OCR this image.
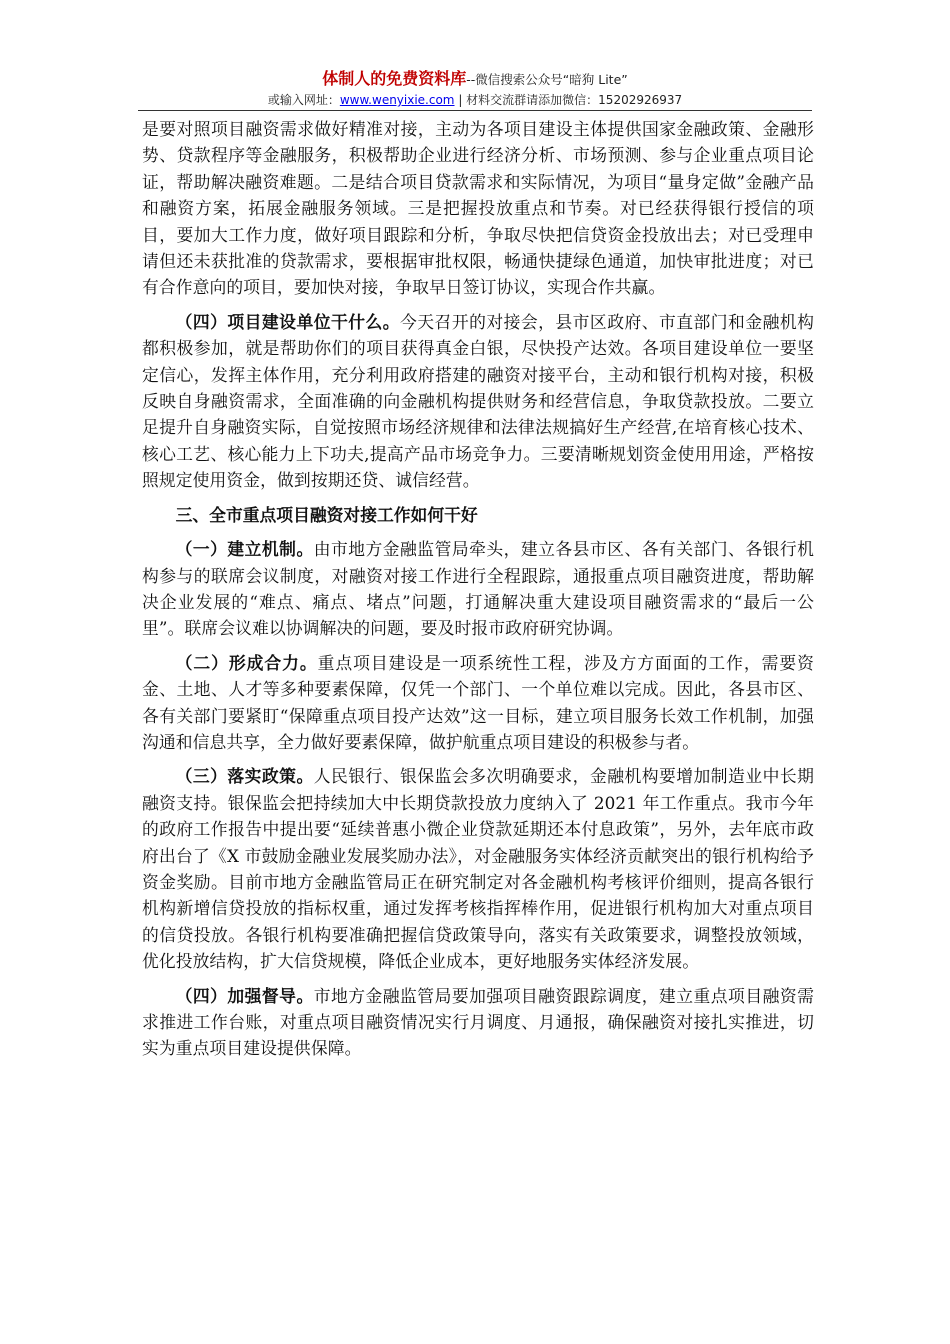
体制人的免费资料库--微信搜索公众号“暗狗 Lite”
或输入网址：www.wenyixie.com | 材料交流群请添加微信：15202926937

是要对照项目融资需求做好精准对接，主动为各项目建设主体提供国家金融政策、金融形势、贷款程序等金融服务，积极帮助企业进行经济分析、市场预测、参与企业重点项目论证，帮助解决融资难题。二是结合项目贷款需求和实际情况，为项目“量身定做”金融产品和融资方案，拓展金融服务领域。三是把握投放重点和节奏。对已经获得银行授信的项目，要加大工作力度，做好项目跟踪和分析，争取尽快把信贷资金投放出去；对已受理申请但还未获批准的贷款需求，要根据审批权限，畅通快捷绿色通道，加快审批进度；对已有合作意向的项目，要加快对接，争取早日签订协议，实现合作共赢。

（四）项目建设单位干什么。今天召开的对接会，县市区政府、市直部门和金融机构都积极参加，就是帮助你们的项目获得真金白银，尽快投产达效。各项目建设单位一要坚定信心，发挥主体作用，充分利用政府搭建的融资对接平台，主动和银行机构对接，积极反映自身融资需求，全面准确的向金融机构提供财务和经营信息，争取贷款投放。二要立足提升自身融资实际，自觉按照市场经济规律和法律法规搞好生产经营,在培育核心技术、核心工艺、核心能力上下功夫,提高产品市场竞争力。三要清晰规划资金使用用途，严格按照规定使用资金，做到按期还贷、诚信经营。

三、全市重点项目融资对接工作如何干好

（一）建立机制。由市地方金融监管局牵头，建立各县市区、各有关部门、各银行机构参与的联席会议制度，对融资对接工作进行全程跟踪，通报重点项目融资进度，帮助解决企业发展的“难点、痛点、堵点”问题，打通解决重大建设项目融资需求的“最后一公里”。联席会议难以协调解决的问题，要及时报市政府研究协调。

（二）形成合力。重点项目建设是一项系统性工程，涉及方方面面的工作，需要资金、土地、人才等多种要素保障，仅凭一个部门、一个单位难以完成。因此，各县市区、各有关部门要紧盯“保障重点项目投产达效”这一目标，建立项目服务长效工作机制，加强沟通和信息共享，全力做好要素保障，做护航重点项目建设的积极参与者。

（三）落实政策。人民银行、银保监会多次明确要求，金融机构要增加制造业中长期融资支持。银保监会把持续加大中长期贷款投放力度纳入了 2021 年工作重点。我市今年的政府工作报告中提出要“延续普惠小微企业贷款延期还本付息政策”，另外，去年底市政府出台了《X 市鼓励金融业发展奖励办法》，对金融服务实体经济贡献突出的银行机构给予资金奖励。目前市地方金融监管局正在研究制定对各金融机构考核评价细则，提高各银行机构新增信贷投放的指标权重，通过发挥考核指挥棒作用，促进银行机构加大对重点项目的信贷投放。各银行机构要准确把握信贷政策导向，落实有关政策要求，调整投放领域，优化投放结构，扩大信贷规模，降低企业成本，更好地服务实体经济发展。

（四）加强督导。市地方金融监管局要加强项目融资跟踪调度，建立重点项目融资需求推进工作台账，对重点项目融资情况实行月调度、月通报，确保融资对接扎实推进，切实为重点项目建设提供保障。
